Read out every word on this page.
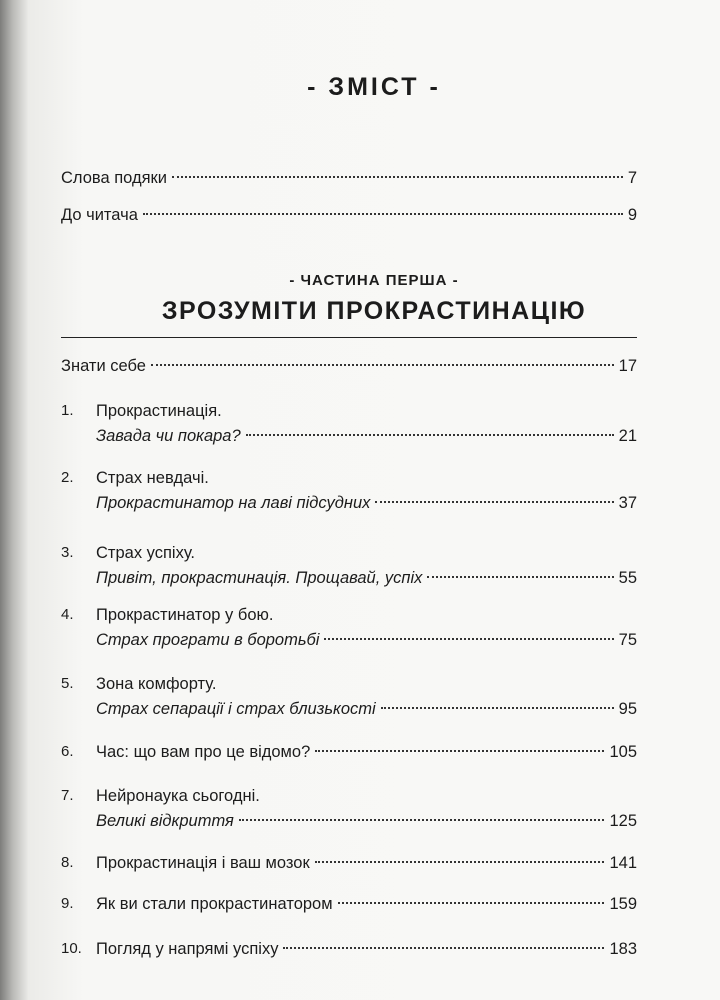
- ЗМІСТ -
Слова подяки	7
До читача	9
- ЧАСТИНА ПЕРША -
ЗРОЗУМІТИ ПРОКРАСТИНАЦІЮ
Знати себе	17
1. Прокрастинація.
Завада чи покара?	21
2. Страх невдачі.
Прокрастинатор на лаві підсудних	37
3. Страх успіху.
Привіт, прокрастинація. Прощавай, успіх	55
4. Прокрастинатор у бою.
Страх програти в боротьбі	75
5. Зона комфорту.
Страх сепарації і страх близькості	95
6. Час: що вам про це відомо?	105
7. Нейронаука сьогодні.
Великі відкриття	125
8. Прокрастинація і ваш мозок	141
9. Як ви стали прокрастинатором	159
10. Погляд у напрямі успіху	183
